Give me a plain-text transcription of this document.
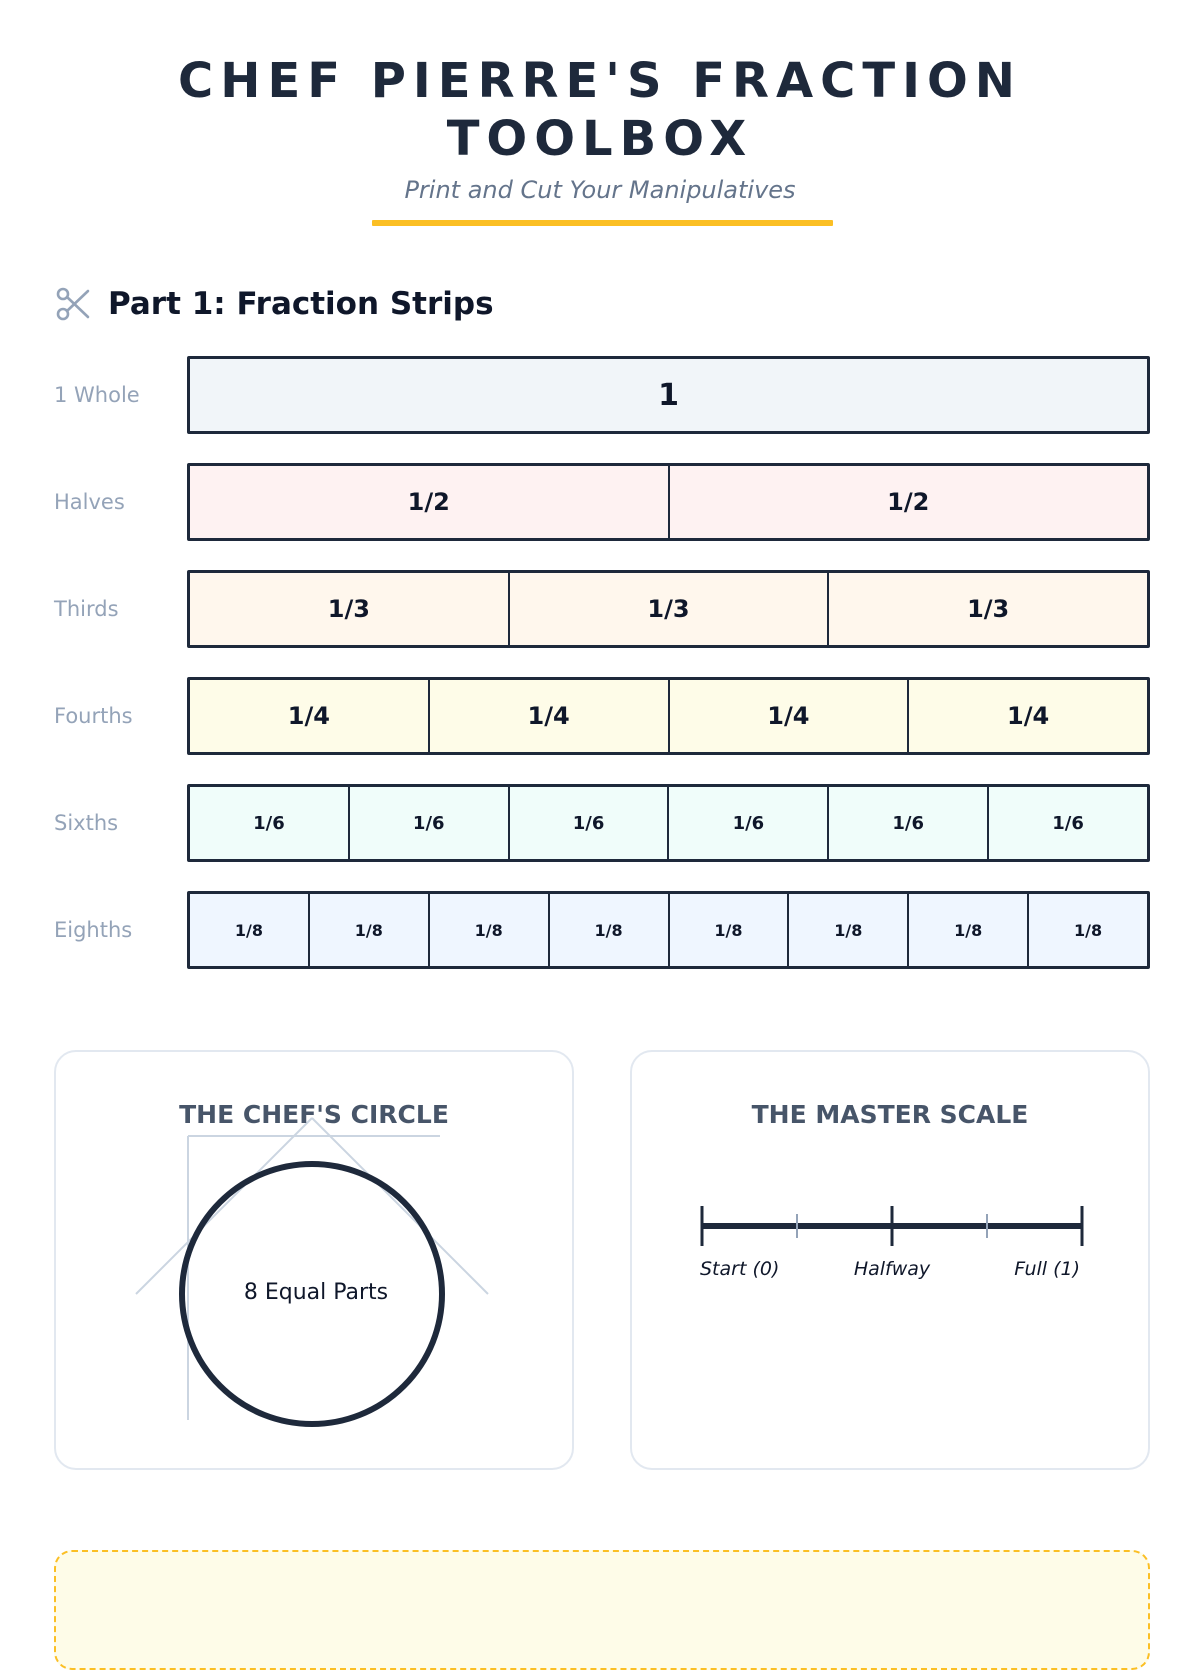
CHEF PIERRE'S FRACTION
TOOLBOX
Print and Cut Your Manipulatives
Part 1: Fraction Strips
1 Whole	1
Halves	1/2	1/2
Thirds	1/3	1/3	1/3
Fourths	1/4	1/4	1/4	1/4
Sixths	1/6	1/6	1/6	1/6	1/6	1/6
Eighths	1/8	1/8	1/8	1/8	1/8	1/8	1/8	1/8
THE CHEF'S CIRCLE
8 Equal Parts
THE MASTER SCALE
Start (0)	Halfway	Full (1)
